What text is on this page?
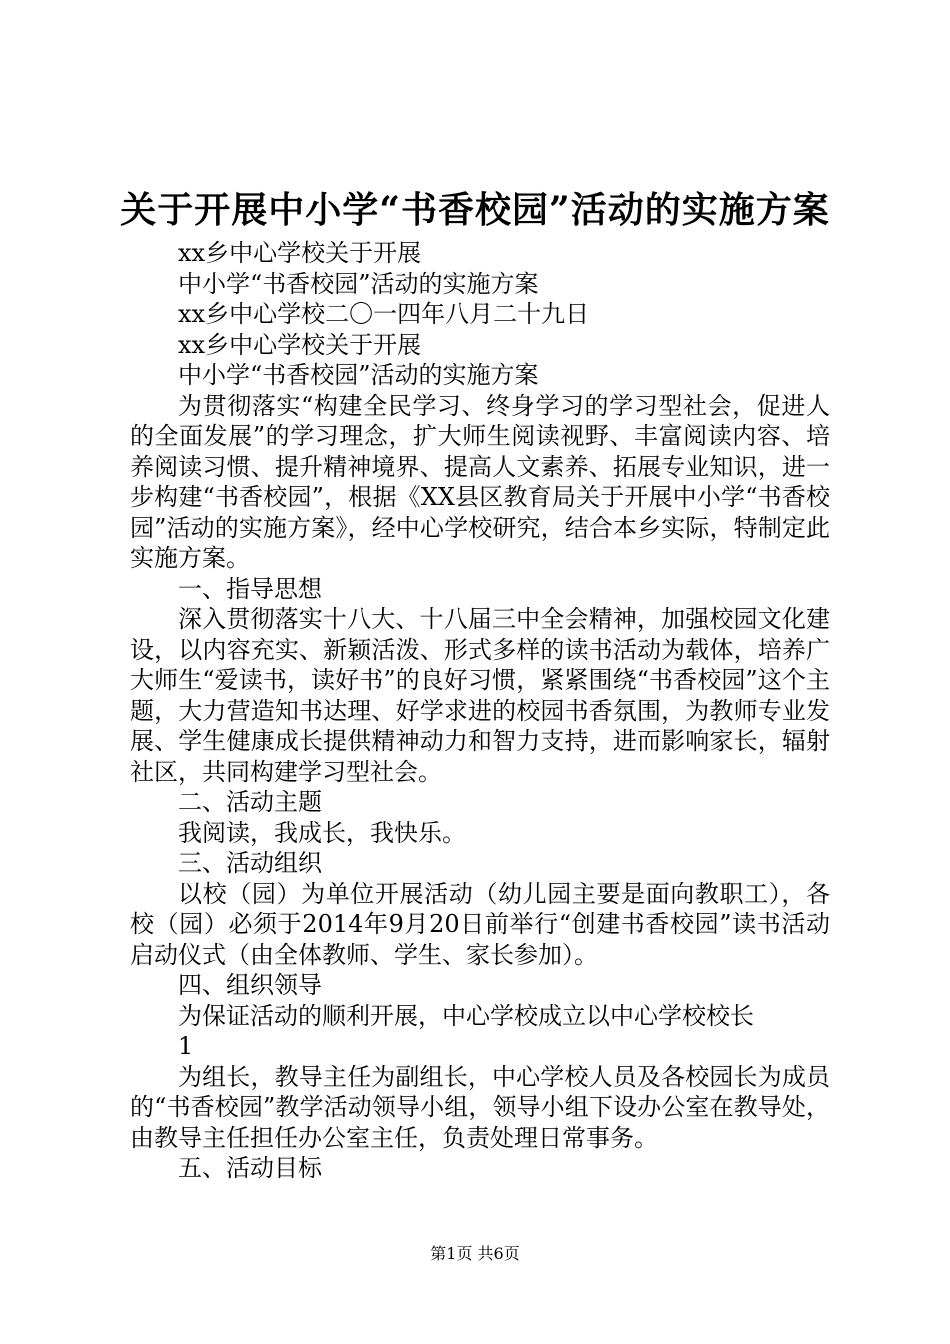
关于开展中小学“书香校园”活动的实施方案

xx乡中心学校关于开展

中小学“书香校园”活动的实施方案

xx乡中心学校二〇一四年八月二十九日

xx乡中心学校关于开展

中小学“书香校园”活动的实施方案

为贯彻落实“构建全民学习、终身学习的学习型社会，促进人的全面发展”的学习理念，扩大师生阅读视野、丰富阅读内容、培养阅读习惯、提升精神境界、提高人文素养、拓展专业知识，进一步构建“书香校园”，根据《XX县区教育局关于开展中小学“书香校园”活动的实施方案》，经中心学校研究，结合本乡实际，特制定此实施方案。

一、指导思想

深入贯彻落实十八大、十八届三中全会精神，加强校园文化建设，以内容充实、新颖活泼、形式多样的读书活动为载体，培养广大师生“爱读书，读好书”的良好习惯，紧紧围绕“书香校园”这个主题，大力营造知书达理、好学求进的校园书香氛围，为教师专业发展、学生健康成长提供精神动力和智力支持，进而影响家长，辐射社区，共同构建学习型社会。

二、活动主题

我阅读，我成长，我快乐。

三、活动组织

以校（园）为单位开展活动（幼儿园主要是面向教职工），各校（园）必须于2014年9月20日前举行“创建书香校园”读书活动启动仪式（由全体教师、学生、家长参加）。

四、组织领导

为保证活动的顺利开展，中心学校成立以中心学校校长

1

为组长，教导主任为副组长，中心学校人员及各校园长为成员的“书香校园”教学活动领导小组，领导小组下设办公室在教导处，由教导主任担任办公室主任，负责处理日常事务。

五、活动目标

第1页 共6页
